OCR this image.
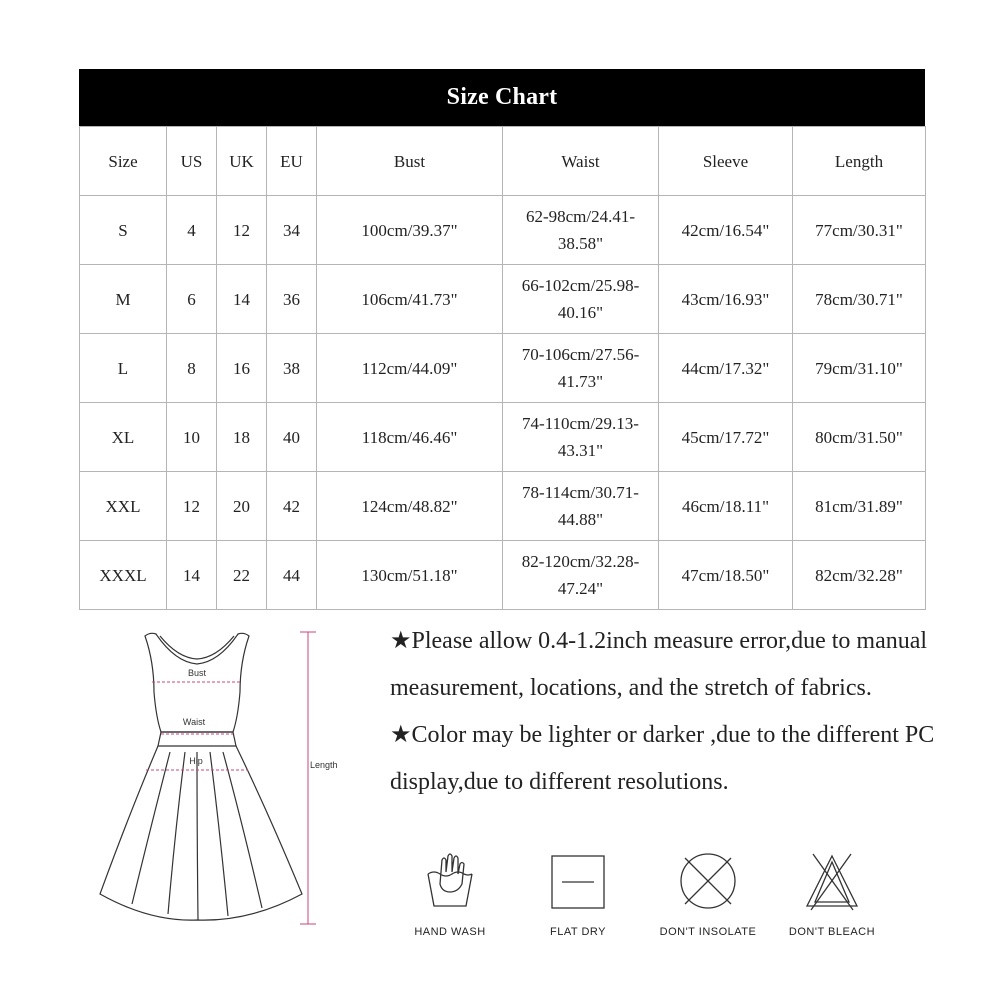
Size Chart
Size	US	UK	EU	Bust	Waist	Sleeve	Length
S	4	12	34	100cm/39.37"	62-98cm/24.41-38.58"	42cm/16.54"	77cm/30.31"
M	6	14	36	106cm/41.73"	66-102cm/25.98-40.16"	43cm/16.93"	78cm/30.71"
L	8	16	38	112cm/44.09"	70-106cm/27.56-41.73"	44cm/17.32"	79cm/31.10"
XL	10	18	40	118cm/46.46"	74-110cm/29.13-43.31"	45cm/17.72"	80cm/31.50"
XXL	12	20	42	124cm/48.82"	78-114cm/30.71-44.88"	46cm/18.11"	81cm/31.89"
XXXL	14	22	44	130cm/51.18"	82-120cm/32.28-47.24"	47cm/18.50"	82cm/32.28"
Bust
Waist
Hip	Length

★Please allow 0.4-1.2inch measure error,due to manual measurement, locations, and the stretch of fabrics.

★Color may be lighter or darker ,due to the different PC display,due to different resolutions.

HAND WASH	FLAT DRY	DON'T INSOLATE	DON'T BLEACH
